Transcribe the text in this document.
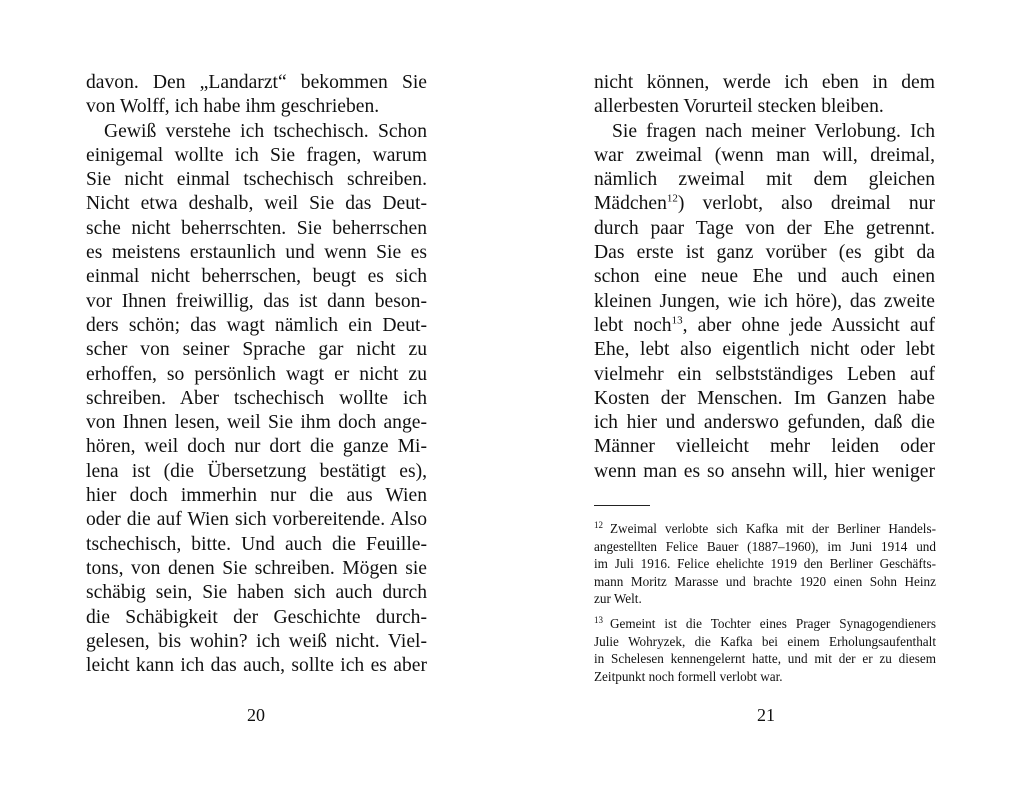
davon. Den „Landarzt“ bekommen Sie
von Wolff, ich habe ihm geschrieben.
Gewiß verstehe ich tschechisch. Schon
einigemal wollte ich Sie fragen, warum
Sie nicht einmal tschechisch schreiben.
Nicht etwa deshalb, weil Sie das Deut-
sche nicht beherrschten. Sie beherrschen
es meistens erstaunlich und wenn Sie es
einmal nicht beherrschen, beugt es sich
vor Ihnen freiwillig, das ist dann beson-
ders schön; das wagt nämlich ein Deut-
scher von seiner Sprache gar nicht zu
erhoffen, so persönlich wagt er nicht zu
schreiben. Aber tschechisch wollte ich
von Ihnen lesen, weil Sie ihm doch ange-
hören, weil doch nur dort die ganze Mi-
lena ist (die Übersetzung bestätigt es),
hier doch immerhin nur die aus Wien
oder die auf Wien sich vorbereitende. Also
tschechisch, bitte. Und auch die Feuille-
tons, von denen Sie schreiben. Mögen sie
schäbig sein, Sie haben sich auch durch
die Schäbigkeit der Geschichte durch-
gelesen, bis wohin? ich weiß nicht. Viel-
leicht kann ich das auch, sollte ich es aber
20
nicht können, werde ich eben in dem
allerbesten Vorurteil stecken bleiben.
Sie fragen nach meiner Verlobung. Ich
war zweimal (wenn man will, dreimal,
nämlich zweimal mit dem gleichen
Mädchen$^{12}$) verlobt, also dreimal nur
durch paar Tage von der Ehe getrennt.
Das erste ist ganz vorüber (es gibt da
schon eine neue Ehe und auch einen
kleinen Jungen, wie ich höre), das zweite
lebt noch$^{13}$, aber ohne jede Aussicht auf
Ehe, lebt also eigentlich nicht oder lebt
vielmehr ein selbstständiges Leben auf
Kosten der Menschen. Im Ganzen habe
ich hier und anderswo gefunden, daß die
Männer vielleicht mehr leiden oder
wenn man es so ansehn will, hier weniger
$^{12}$ Zweimal verlobte sich Kafka mit der Berliner Handels-
angestellten Felice Bauer (1887–1960), im Juni 1914 und
im Juli 1916. Felice ehelichte 1919 den Berliner Geschäfts-
mann Moritz Marasse und brachte 1920 einen Sohn Heinz
zur Welt.
$^{13}$ Gemeint ist die Tochter eines Prager Synagogendieners
Julie Wohryzek, die Kafka bei einem Erholungsaufenthalt
in Schelesen kennengelernt hatte, und mit der er zu diesem
Zeitpunkt noch formell verlobt war.
21
